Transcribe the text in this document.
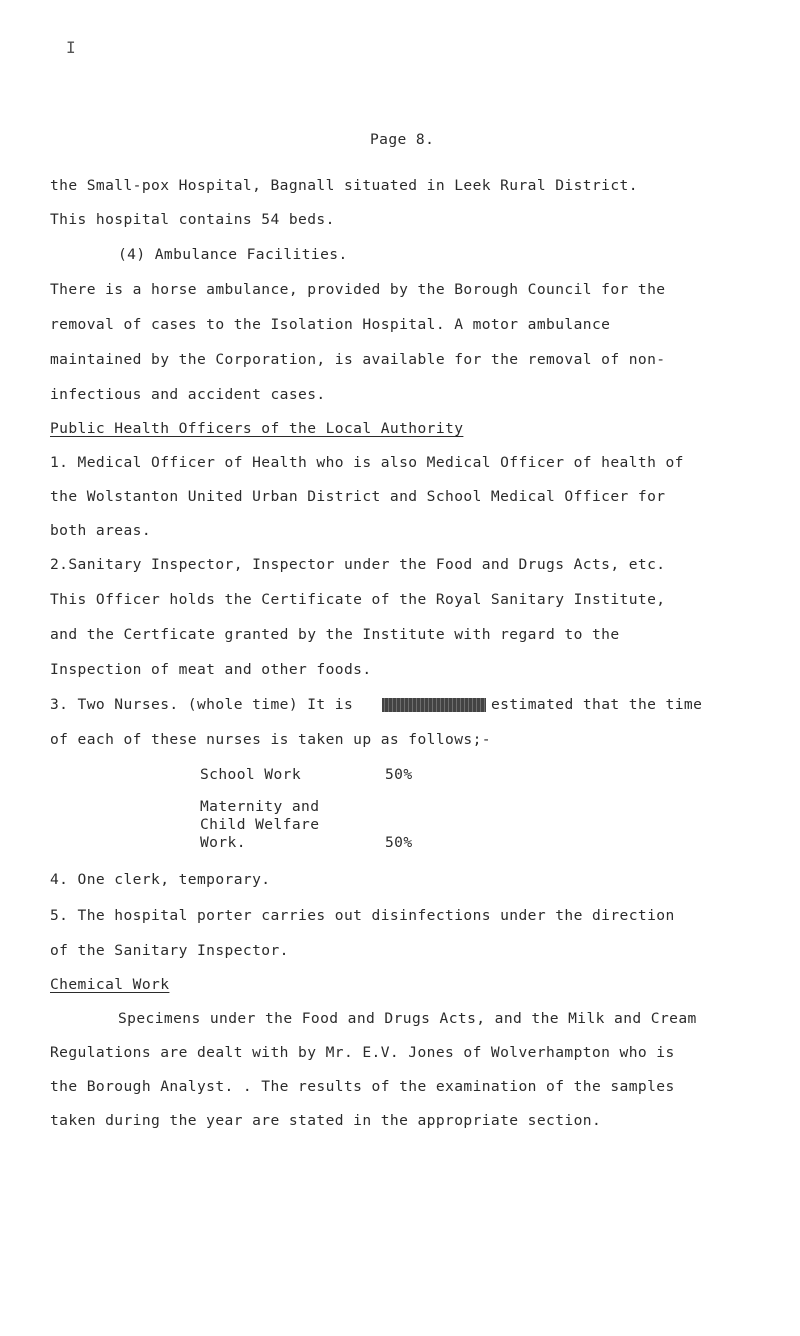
I
Page 8.
the Small-pox Hospital, Bagnall situated in Leek Rural District.
This hospital contains 54 beds.
(4) Ambulance Facilities.
There is a horse ambulance, provided by the Borough Council for the
removal of cases to the Isolation Hospital. A motor ambulance
maintained by the Corporation, is available for the removal of non-
infectious and accident cases.
Public Health Officers of the Local Authority
1. Medical Officer of Health who is also Medical Officer of health of
the Wolstanton United Urban District and School Medical Officer for
both areas.
2.Sanitary Inspector, Inspector under the Food and Drugs Acts, etc.
This Officer holds the Certificate of the Royal Sanitary Institute,
and the Certficate granted by the Institute with regard to the
Inspection of meat and other foods.
3. Two Nurses. (whole time) It is	estimated that the time
of each of these nurses is taken up as follows;-
School Work	50%
Maternity and
Child Welfare
Work.	50%
4. One clerk, temporary.
5. The hospital porter carries out disinfections under the direction
of the Sanitary Inspector.
Chemical Work
Specimens under the Food and Drugs Acts, and the Milk and Cream
Regulations are dealt with by Mr. E.V. Jones of Wolverhampton who is
the Borough Analyst. . The results of the examination of the samples
taken during the year are stated in the appropriate section.
